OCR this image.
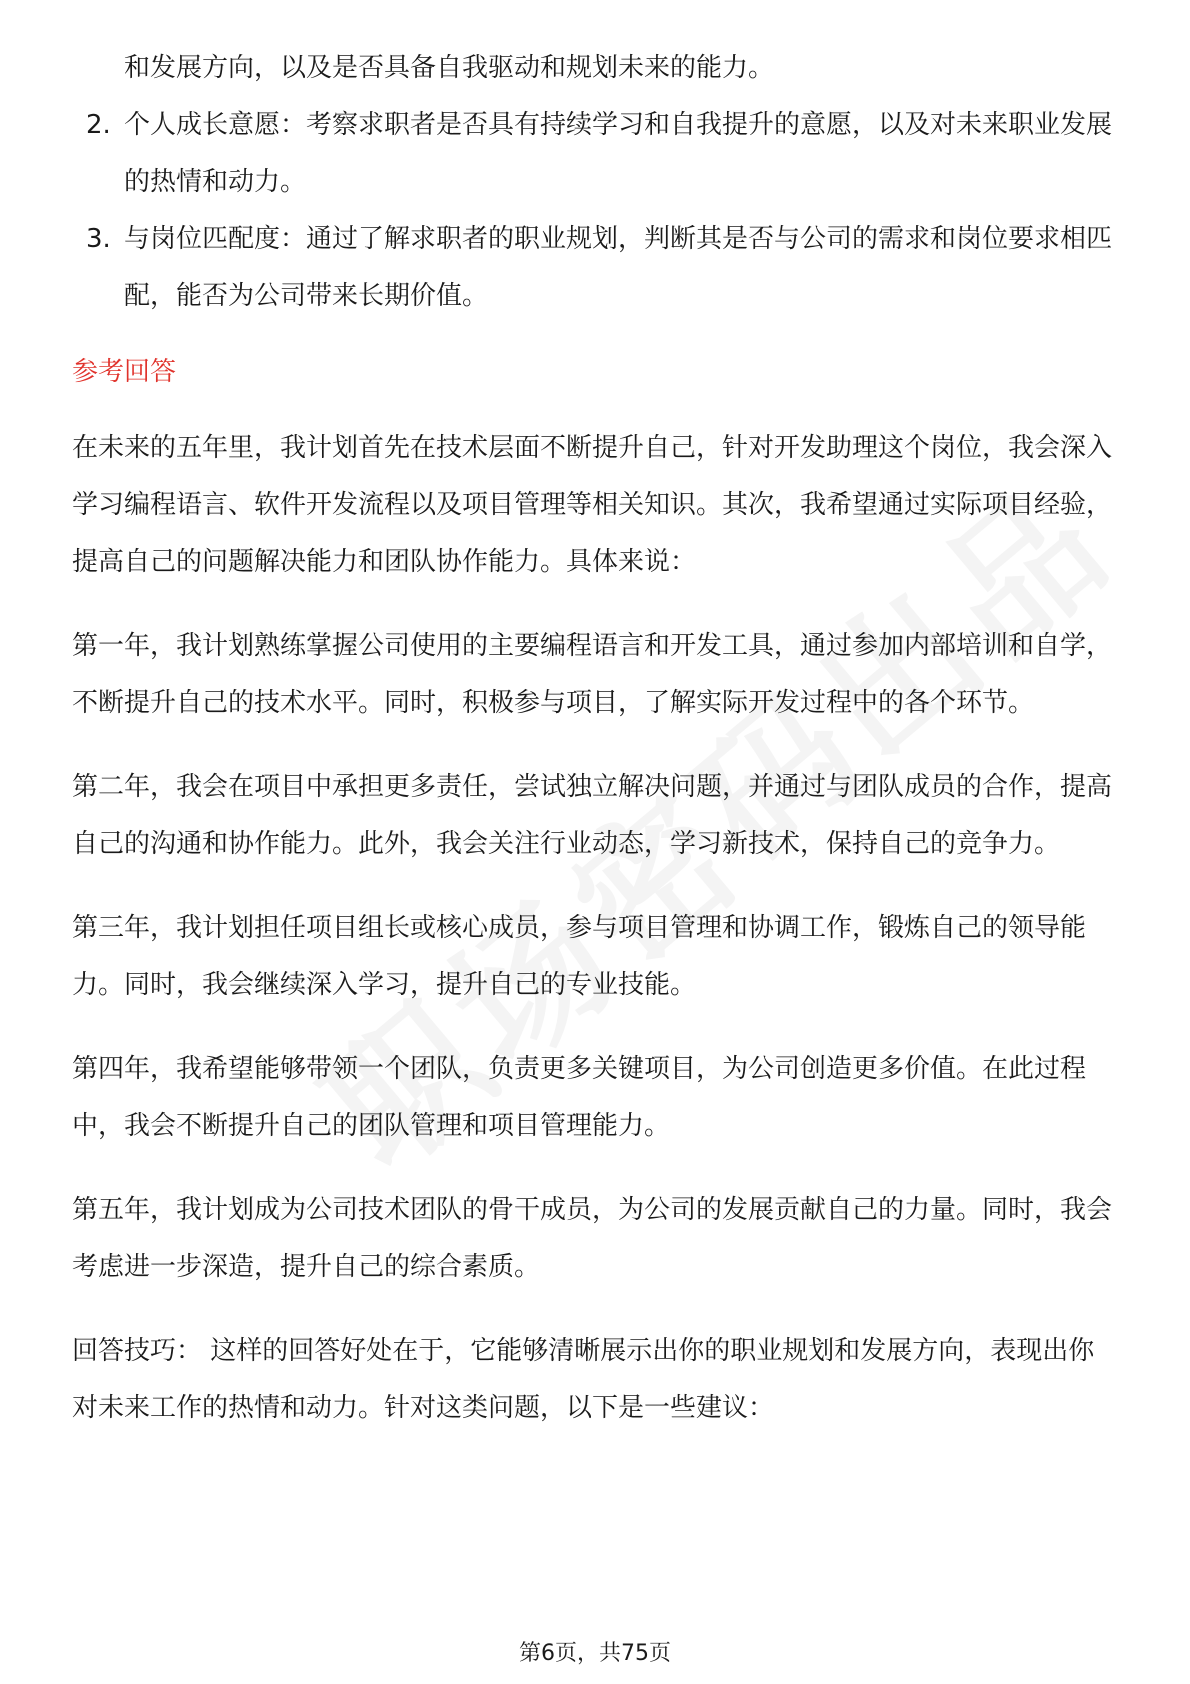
和发展方向，以及是否具备自我驱动和规划未来的能力。

2. 个人成长意愿：考察求职者是否具有持续学习和自我提升的意愿，以及对未来职业发展的热情和动力。
3. 与岗位匹配度：通过了解求职者的职业规划，判断其是否与公司的需求和岗位要求相匹配，能否为公司带来长期价值。
参考回答

在未来的五年里，我计划首先在技术层面不断提升自己，针对开发助理这个岗位，我会深入学习编程语言、软件开发流程以及项目管理等相关知识。其次，我希望通过实际项目经验，提高自己的问题解决能力和团队协作能力。具体来说：

第一年，我计划熟练掌握公司使用的主要编程语言和开发工具，通过参加内部培训和自学，不断提升自己的技术水平。同时，积极参与项目，了解实际开发过程中的各个环节。

第二年，我会在项目中承担更多责任，尝试独立解决问题，并通过与团队成员的合作，提高自己的沟通和协作能力。此外，我会关注行业动态，学习新技术，保持自己的竞争力。

第三年，我计划担任项目组长或核心成员，参与项目管理和协调工作，锻炼自己的领导能力。同时，我会继续深入学习，提升自己的专业技能。

第四年，我希望能够带领一个团队，负责更多关键项目，为公司创造更多价值。在此过程中，我会不断提升自己的团队管理和项目管理能力。

第五年，我计划成为公司技术团队的骨干成员，为公司的发展贡献自己的力量。同时，我会考虑进一步深造，提升自己的综合素质。

回答技巧： 这样的回答好处在于，它能够清晰展示出你的职业规划和发展方向，表现出你对未来工作的热情和动力。针对这类问题，以下是一些建议：

第6页，共75页
